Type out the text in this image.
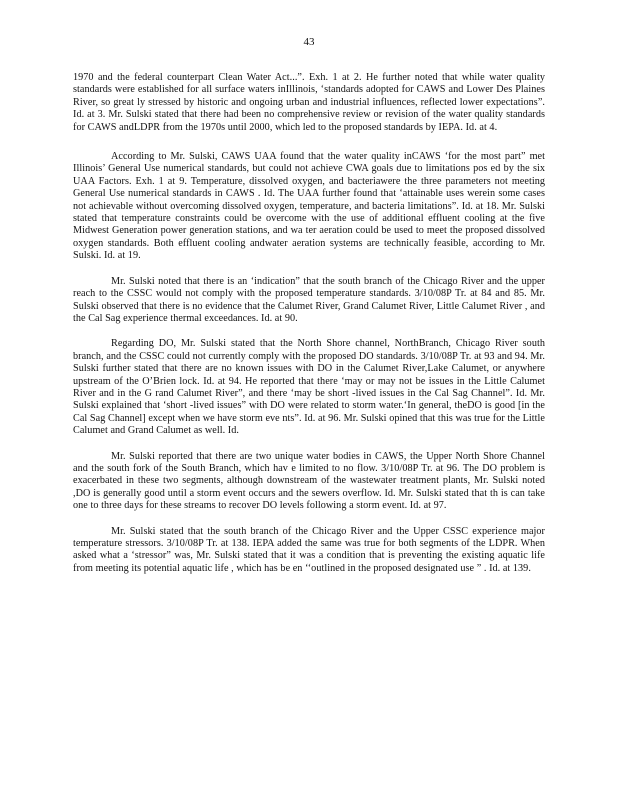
43

1970 and the federal counterpart Clean Water Act...”. Exh. 1 at 2. He further noted that while water quality standards were established for all surface waters inIllinois, ‘standards adopted for CAWS and Lower Des Plaines River, so great ly stressed by historic and ongoing urban and industrial influences, reflected lower expectations”. Id. at 3. Mr. Sulski stated that there had been no comprehensive review or revision of the water quality standards for CAWS andLDPR from the 1970s until 2000, which led to the proposed standards by IEPA. Id. at 4.

According to Mr. Sulski, CAWS UAA found that the water quality inCAWS ‘for the most part” met Illinois’ General Use numerical standards, but could not achieve CWA goals due to limitations pos ed by the six UAA Factors. Exh. 1 at 9. Temperature, dissolved oxygen, and bacteriawere the three parameters not meeting General Use numerical standards in CAWS . Id. The UAA further found that ‘attainable uses werein some cases not achievable without overcoming dissolved oxygen, temperature, and bacteria limitations”. Id. at 18. Mr. Sulski stated that temperature constraints could be overcome with the use of additional effluent cooling at the five Midwest Generation power generation stations, and wa ter aeration could be used to meet the proposed dissolved oxygen standards. Both effluent cooling andwater aeration systems are technically feasible, according to Mr. Sulski. Id. at 19.

Mr. Sulski noted that there is an ‘indication” that the south branch of the Chicago River and the upper reach to the CSSC would not comply with the proposed temperature standards. 3/10/08P Tr. at 84 and 85. Mr. Sulski observed that there is no evidence that the Calumet River, Grand Calumet River, Little Calumet River , and the Cal Sag experience thermal exceedances. Id. at 90.

Regarding DO, Mr. Sulski stated that the North Shore channel, NorthBranch, Chicago River south branch, and the CSSC could not currently comply with the proposed DO standards. 3/10/08P Tr. at 93 and 94. Mr. Sulski further stated that there are no known issues with DO in the Calumet River,Lake Calumet, or anywhere upstream of the O’Brien lock. Id. at 94. He reported that there ‘may or may not be issues in the Little Calumet River and in the G rand Calumet River”, and there ‘may be short -lived issues in the Cal Sag Channel”. Id. Mr. Sulski explained that ‘short -lived issues” with DO were related to storm water.‘In general, theDO is good [in the Cal Sag Channel] except when we have storm eve nts”. Id. at 96. Mr. Sulski opined that this was true for the Little Calumet and Grand Calumet as well. Id.

Mr. Sulski reported that there are two unique water bodies in CAWS, the Upper North Shore Channel and the south fork of the South Branch, which hav e limited to no flow. 3/10/08P Tr. at 96. The DO problem is exacerbated in these two segments, although downstream of the wastewater treatment plants, Mr. Sulski noted ,DO is generally good until a storm event occurs and the sewers overflow. Id. Mr. Sulski stated that th is can take one to three days for these streams to recover DO levels following a storm event. Id. at 97.

Mr. Sulski stated that the south branch of the Chicago River and the Upper CSSC experience major temperature stressors. 3/10/08P Tr. at 138. IEPA added the same was true for both segments of the LDPR. When asked what a ‘stressor” was, Mr. Sulski stated that it was a condition that is preventing the existing aquatic life from meeting its potential aquatic life , which has be en ‘‘outlined in the proposed designated use ” . Id. at 139.
